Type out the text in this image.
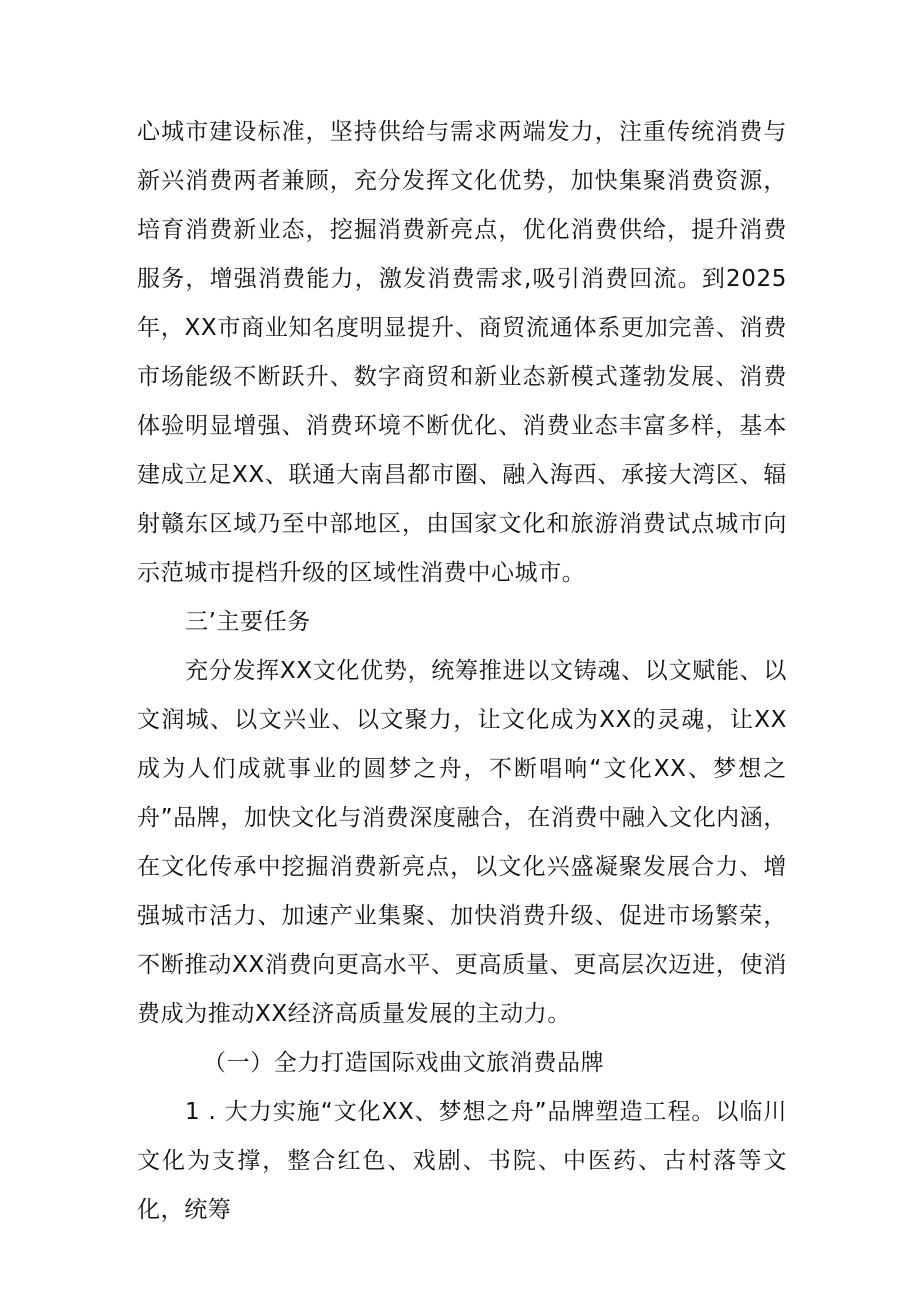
心城市建设标准，坚持供给与需求两端发力，注重传统消费与新兴消费两者兼顾，充分发挥文化优势，加快集聚消费资源，培育消费新业态，挖掘消费新亮点，优化消费供给，提升消费服务，增强消费能力，激发消费需求,吸引消费回流。到2025年，XX市商业知名度明显提升、商贸流通体系更加完善、消费市场能级不断跃升、数字商贸和新业态新模式蓬勃发展、消费体验明显增强、消费环境不断优化、消费业态丰富多样，基本建成立足XX、联通大南昌都市圈、融入海西、承接大湾区、辐射赣东区域乃至中部地区，由国家文化和旅游消费试点城市向示范城市提档升级的区域性消费中心城市。

三’主要任务

充分发挥XX文化优势，统筹推进以文铸魂、以文赋能、以文润城、以文兴业、以文聚力，让文化成为XX的灵魂，让XX成为人们成就事业的圆梦之舟，不断唱响“文化XX、梦想之舟”品牌，加快文化与消费深度融合，在消费中融入文化内涵，在文化传承中挖掘消费新亮点，以文化兴盛凝聚发展合力、增强城市活力、加速产业集聚、加快消费升级、促进市场繁荣，不断推动XX消费向更高水平、更高质量、更高层次迈进，使消费成为推动XX经济高质量发展的主动力。

（一）全力打造国际戏曲文旅消费品牌

1 . 大力实施“文化XX、梦想之舟”品牌塑造工程。以临川文化为支撑，整合红色、戏剧、书院、中医药、古村落等文化，统筹
